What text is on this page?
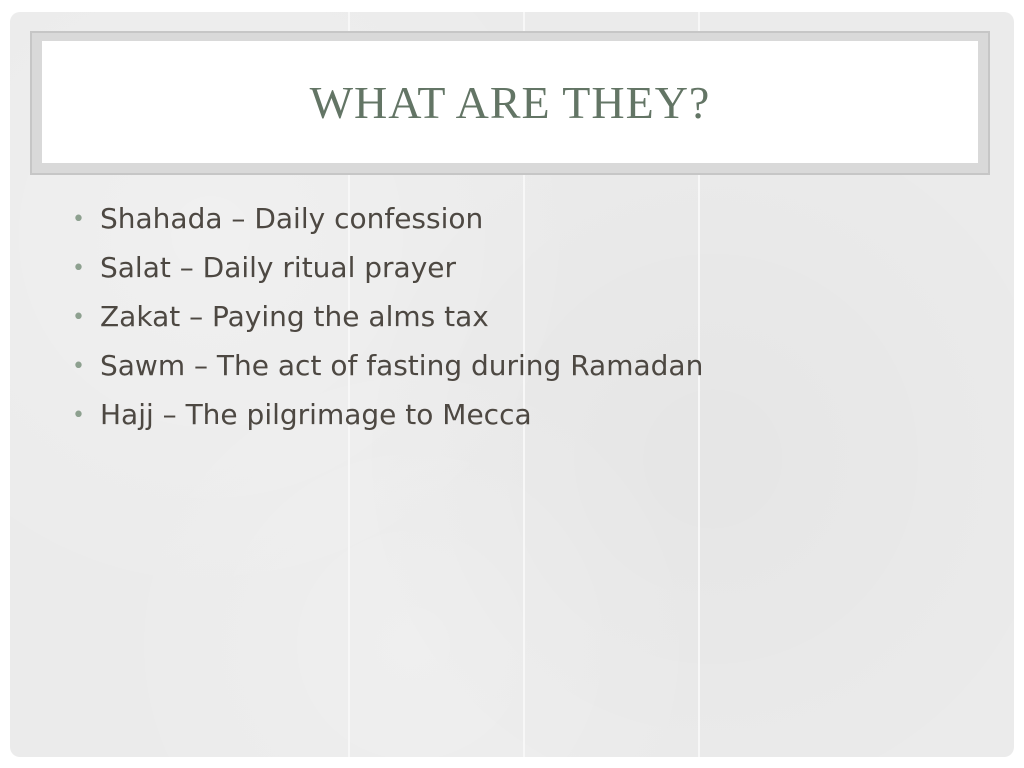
WHAT ARE THEY?
• Shahada – Daily confession
• Salat – Daily ritual prayer
• Zakat – Paying the alms tax
• Sawm – The act of fasting during Ramadan
• Hajj – The pilgrimage to Mecca
